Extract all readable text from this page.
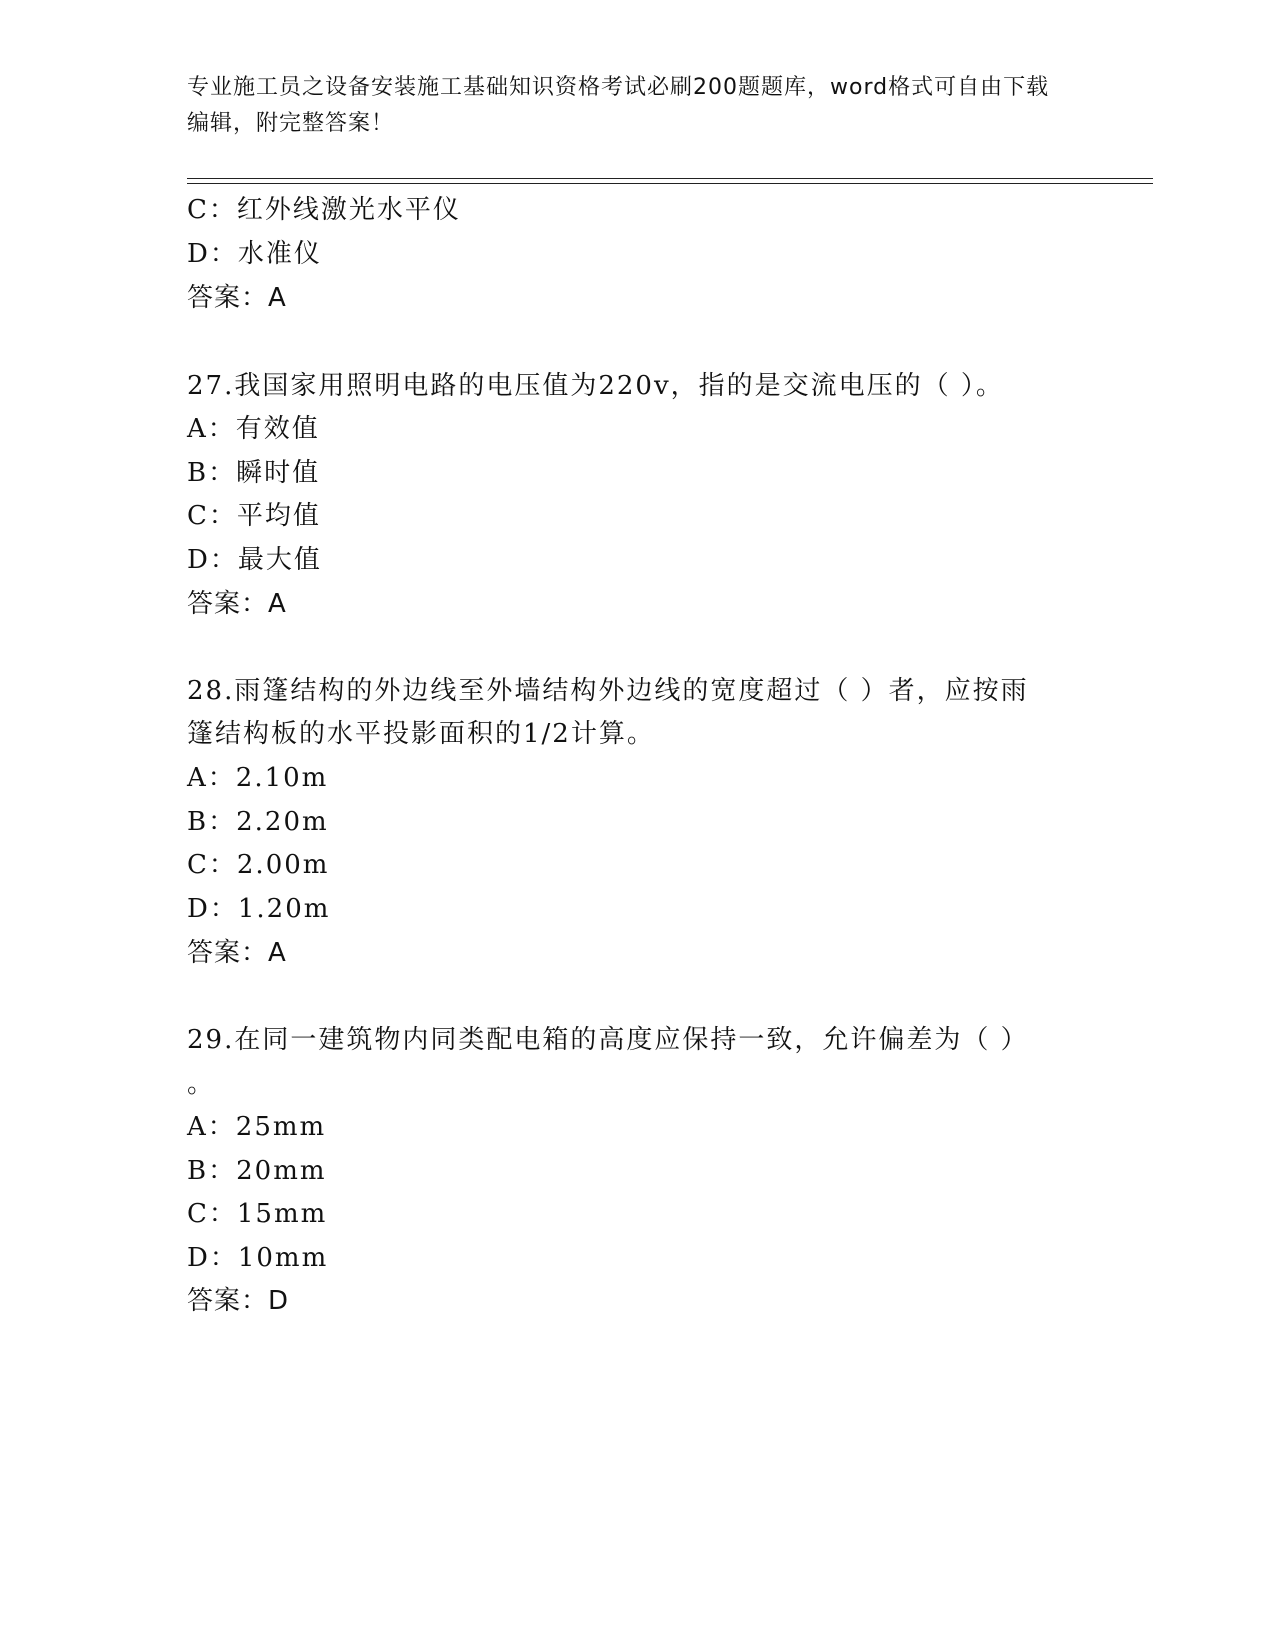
专业施工员之设备安装施工基础知识资格考试必刷200题题库，word格式可自由下载编辑，附完整答案！
C：红外线激光水平仪
D：水准仪
答案：A
27.我国家用照明电路的电压值为220v，指的是交流电压的（ ）。
A：有效值
B：瞬时值
C：平均值
D：最大值
答案：A
28.雨篷结构的外边线至外墙结构外边线的宽度超过（ ）者，应按雨
篷结构板的水平投影面积的1/2计算。
A：2.10m
B：2.20m
C：2.00m
D：1.20m
答案：A
29.在同一建筑物内同类配电箱的高度应保持一致，允许偏差为（ ）
。
A：25mm
B：20mm
C：15mm
D：10mm
答案：D
